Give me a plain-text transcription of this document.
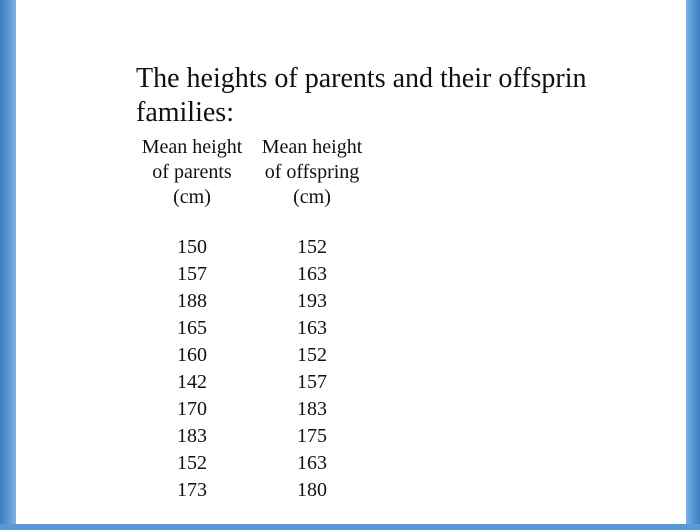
The heights of parents and their offsprin
families:
Mean height
of parents
(cm)
Mean height
of offspring
(cm)
150
157
188
165
160
142
170
183
152
173
152
163
193
163
152
157
183
175
163
180
